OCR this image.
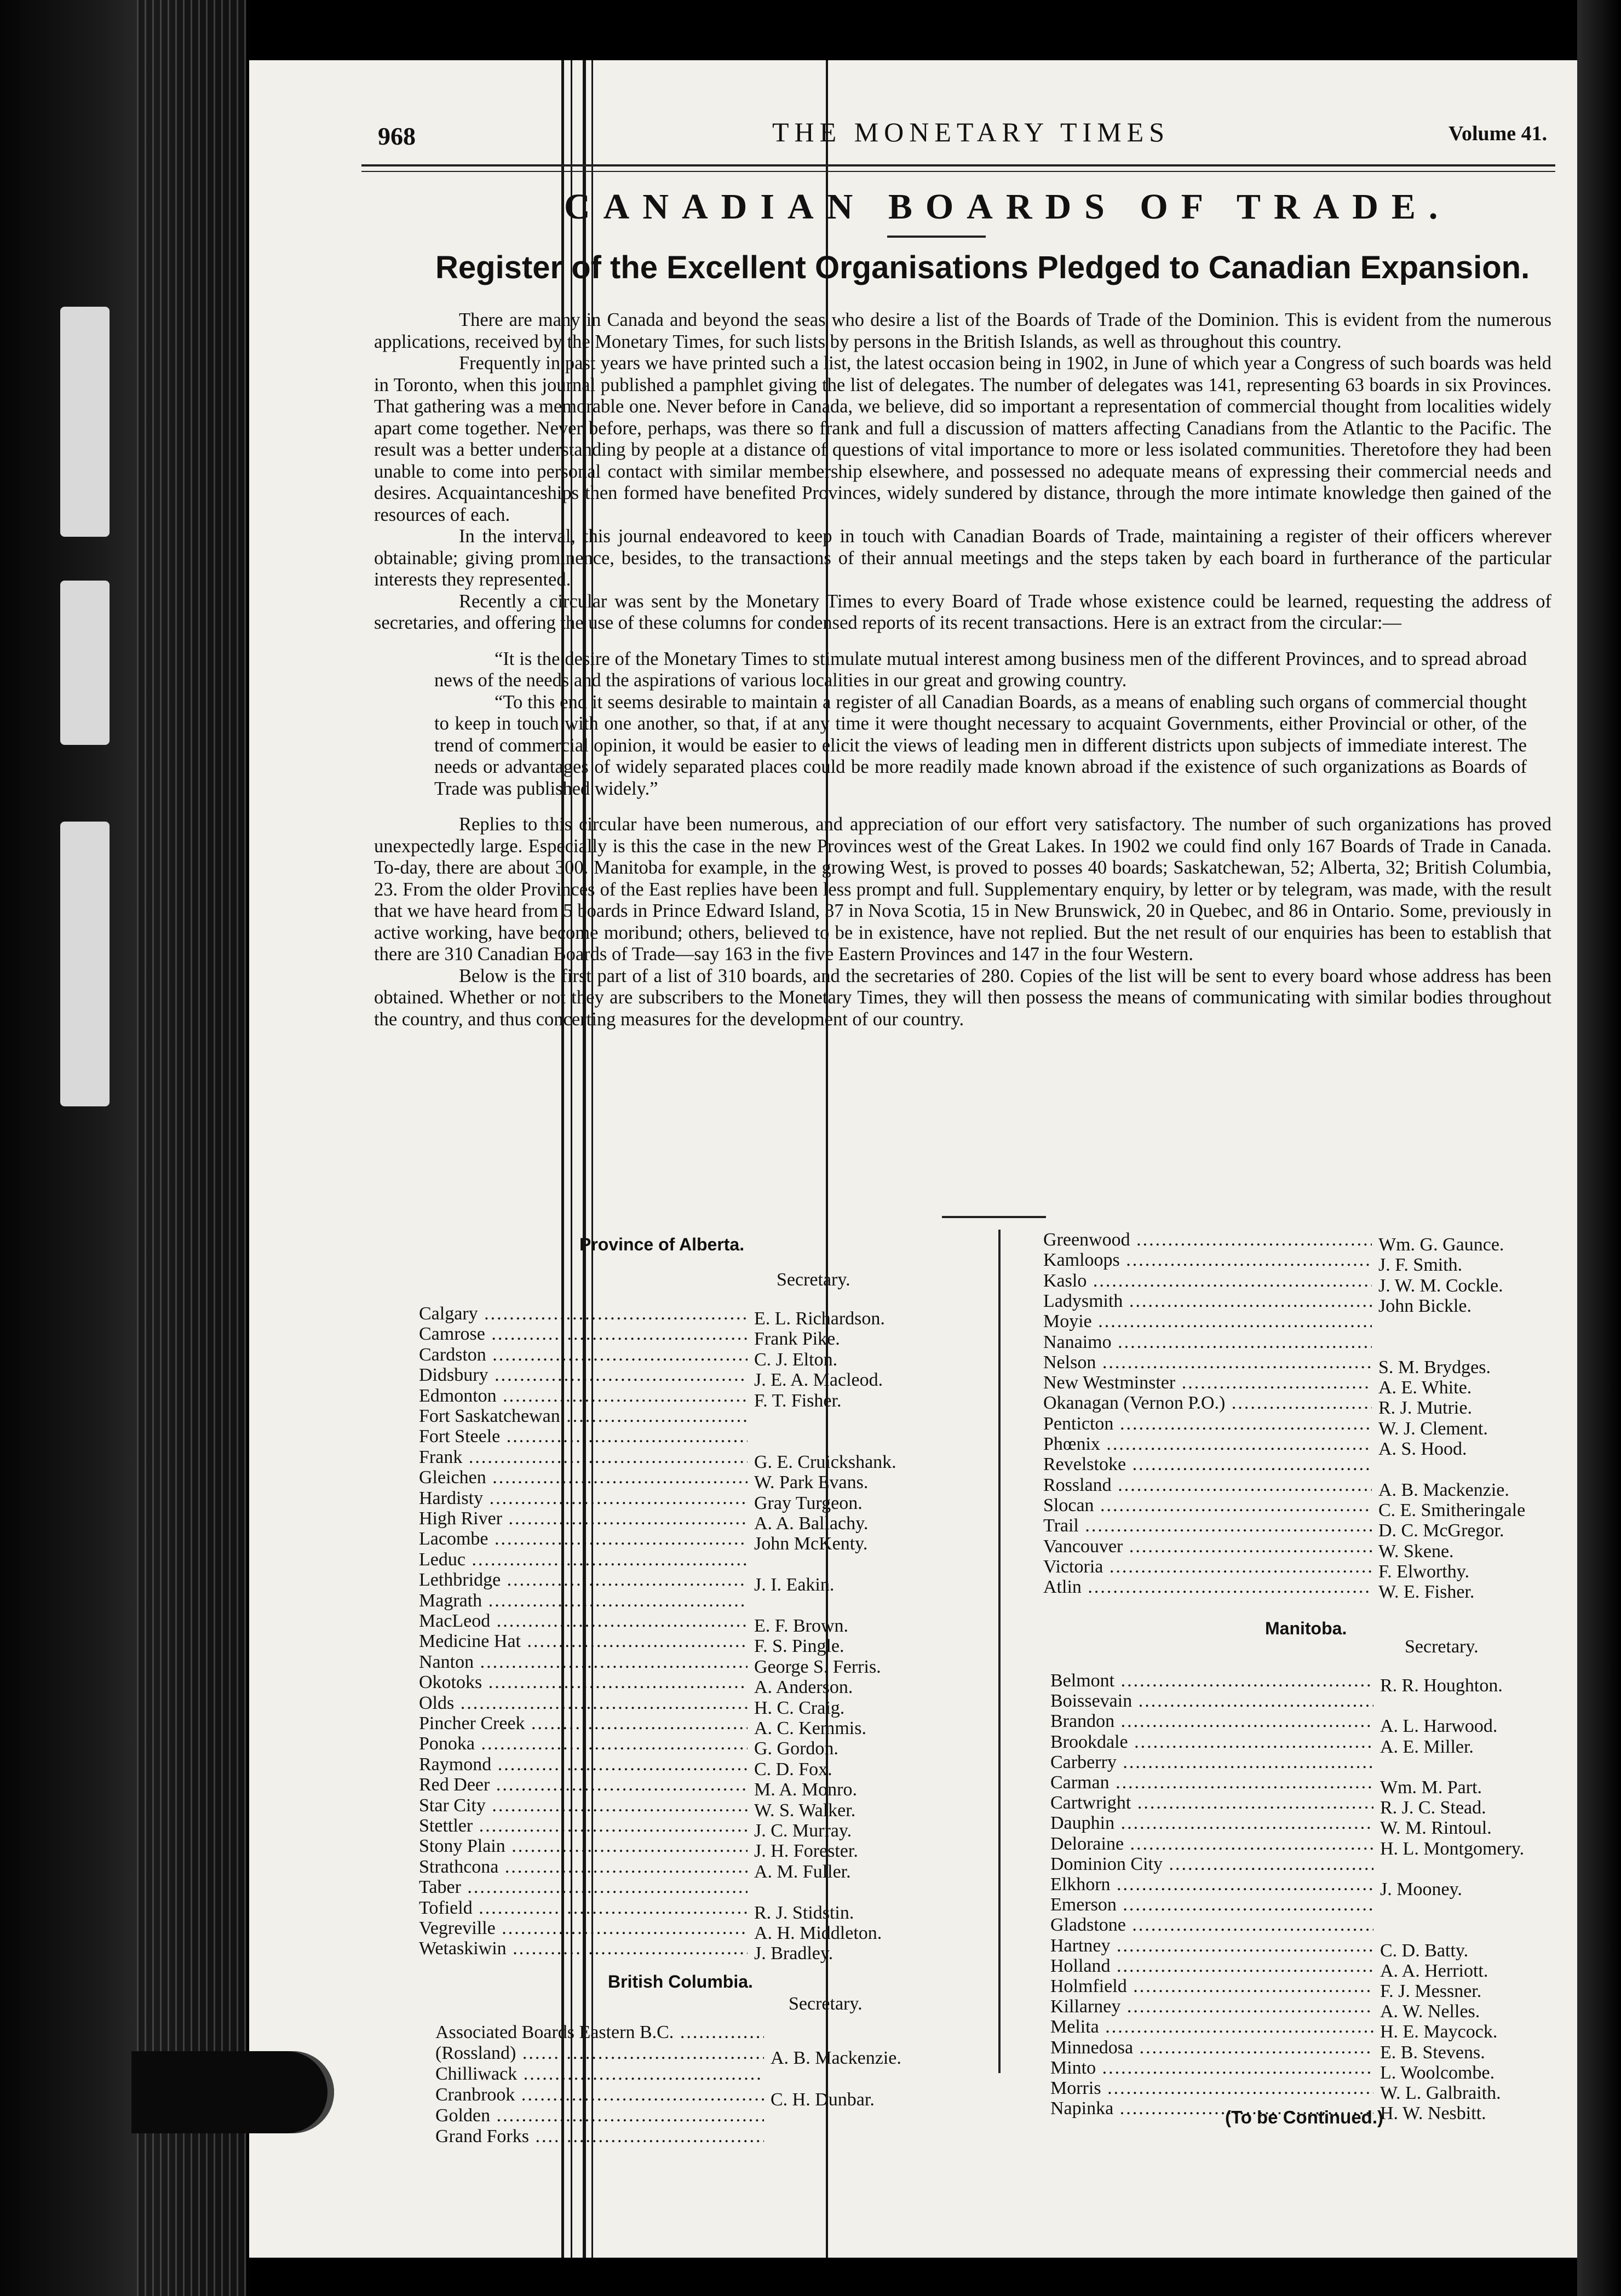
968	THE MONETARY TIMES	Volume 41.
CANADIAN BOARDS OF TRADE.
Register of the Excellent Organisations Pledged to Canadian Expansion.

There are many in Canada and beyond the seas who desire a list of the Boards of Trade of the Dominion. This is evident from the numerous applications, received by the Monetary Times, for such lists by persons in the British Islands, as well as throughout this country.

Frequently in past years we have printed such a list, the latest occasion being in 1902, in June of which year a Congress of such boards was held in Toronto, when this journal published a pamphlet giving the list of delegates. The number of delegates was 141, representing 63 boards in six Provinces. That gathering was a memorable one. Never before in Canada, we believe, did so important a representation of commercial thought from localities widely apart come together. Never before, perhaps, was there so frank and full a discussion of matters affecting Canadians from the Atlantic to the Pacific. The result was a better understanding by people at a distance of questions of vital importance to more or less isolated communities. Theretofore they had been unable to come into personal contact with similar membership elsewhere, and possessed no adequate means of expressing their commercial needs and desires. Acquaintanceships then formed have benefited Provinces, widely sundered by distance, through the more intimate knowledge then gained of the resources of each.

In the interval, this journal endeavored to keep in touch with Canadian Boards of Trade, maintaining a register of their officers wherever obtainable; giving prominence, besides, to the transactions of their annual meetings and the steps taken by each board in furtherance of the particular interests they represented.

Recently a circular was sent by the Monetary Times to every Board of Trade whose existence could be learned, requesting the address of secretaries, and offering the use of these columns for condensed reports of its recent transactions. Here is an extract from the circular:—

“It is the desire of the Monetary Times to stimulate mutual interest among business men of the different Provinces, and to spread abroad news of the needs and the aspirations of various localities in our great and growing country.

“To this end it seems desirable to maintain a register of all Canadian Boards, as a means of enabling such organs of commercial thought to keep in touch with one another, so that, if at any time it were thought necessary to acquaint Governments, either Provincial or other, of the trend of commercial opinion, it would be easier to elicit the views of leading men in different districts upon subjects of immediate interest. The needs or advantages of widely separated places could be more readily made known abroad if the existence of such organizations as Boards of Trade was published widely.”

Replies to this circular have been numerous, and appreciation of our effort very satisfactory. The number of such organizations has proved unexpectedly large. Especially is this the case in the new Provinces west of the Great Lakes. In 1902 we could find only 167 Boards of Trade in Canada. To-day, there are about 300. Manitoba for example, in the growing West, is proved to posses 40 boards; Saskatchewan, 52; Alberta, 32; British Columbia, 23. From the older Provinces of the East replies have been less prompt and full. Supplementary enquiry, by letter or by telegram, was made, with the result that we have heard from 5 boards in Prince Edward Island, 37 in Nova Scotia, 15 in New Brunswick, 20 in Quebec, and 86 in Ontario. Some, previously in active working, have become moribund; others, believed to be in existence, have not replied. But the net result of our enquiries has been to establish that there are 310 Canadian Boards of Trade—say 163 in the five Eastern Provinces and 147 in the four Western.

Below is the first part of a list of 310 boards, and the secretaries of 280. Copies of the list will be sent to every board whose address has been obtained. Whether or not they are subscribers to the Monetary Times, they will then possess the means of communicating with similar bodies throughout the country, and thus concerting measures for the development of our country.

Province of Alberta.
Secretary.
Calgary .....	E. L. Richardson.
Camrose .....	Frank Pike.
Cardston .....	C. J. Elton.
Didsbury .....	J. E. A. Macleod.
Edmonton .....	F. T. Fisher.
Fort Saskatchewan .....
Fort Steele .....
Frank .....	G. E. Cruickshank.
Gleichen .....	W. Park Evans.
Hardisty .....	Gray Turgeon.
High River .....	A. A. Ballachy.
Lacombe .....	John McKenty.
Leduc .....
Lethbridge .....	J. I. Eakin.
Magrath .....
MacLeod .....	E. F. Brown.
Medicine Hat .....	F. S. Pingle.
Nanton .....	George S. Ferris.
Okotoks .....	A. Anderson.
Olds .....	H. C. Craig.
Pincher Creek .....	A. C. Kemmis.
Ponoka .....	G. Gordon.
Raymond .....	C. D. Fox.
Red Deer .....	M. A. Monro.
Star City .....	W. S. Walker.
Stettler .....	J. C. Murray.
Stony Plain .....	J. H. Forester.
Strathcona .....	A. M. Fuller.
Taber .....
Tofield .....	R. J. Stidstin.
Vegreville .....	A. H. Middleton.
Wetaskiwin .....	J. Bradley.
British Columbia.
Secretary.
Associated Boards Eastern B.C. .....
(Rossland) .....	A. B. Mackenzie.
Chilliwack .....
Cranbrook .....	C. H. Dunbar.
Golden .....
Grand Forks .....
Greenwood .....	Wm. G. Gaunce.
Kamloops .....	J. F. Smith.
Kaslo .....	J. W. M. Cockle.
Ladysmith .....	John Bickle.
Moyie .....
Nanaimo .....
Nelson .....	S. M. Brydges.
New Westminster .....	A. E. White.
Okanagan (Vernon P.O.) .....	R. J. Mutrie.
Penticton .....	W. J. Clement.
Phœnix .....	A. S. Hood.
Revelstoke .....
Rossland .....	A. B. Mackenzie.
Slocan .....	C. E. Smitheringale
Trail .....	D. C. McGregor.
Vancouver .....	W. Skene.
Victoria .....	F. Elworthy.
Atlin .....	W. E. Fisher.
Manitoba.
Secretary.
Belmont .....	R. R. Houghton.
Boissevain .....
Brandon .....	A. L. Harwood.
Brookdale .....	A. E. Miller.
Carberry .....
Carman .....	Wm. M. Part.
Cartwright .....	R. J. C. Stead.
Dauphin .....	W. M. Rintoul.
Deloraine .....	H. L. Montgomery.
Dominion City .....
Elkhorn .....	J. Mooney.
Emerson .....
Gladstone .....
Hartney .....	C. D. Batty.
Holland .....	A. A. Herriott.
Holmfield .....	F. J. Messner.
Killarney .....	A. W. Nelles.
Melita .....	H. E. Maycock.
Minnedosa .....	E. B. Stevens.
Minto .....	L. Woolcombe.
Morris .....	W. L. Galbraith.
Napinka .....	H. W. Nesbitt.
(To be Continued.)
